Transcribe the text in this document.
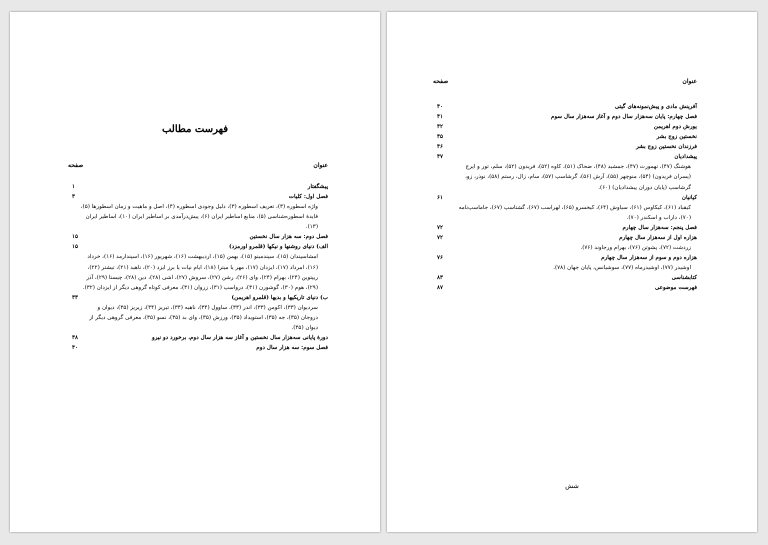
فهرست مطالب
صفحه	عنوان
پیشگفتار
۱
فصل اول: کلیات
۳
واژه اسطوره (۳)، تعریف اسطوره (۳)، دلیل وجودی اسطوره (۴)، اصل و ماهیت و زمان اسطورها (۵)، فایدهٔ اسطوره‌شناسی (۵)، منابع اساطیر ایران (۶)، پیش‌درآمدی بر اساطیر ایران (۱۰)، اساطیر ایران (۱۳).
فصل دوم: سه هزار سال نخستین
۱۵
الف) دنیای روشنها و نیکها (قلمرو اورمزد)
۱۵
امشاسپندان (۱۵)، سپندمینو (۱۵)، بهمن (۱۵)، اردیبهشت (۱۶)، شهریور (۱۶)، اسپندارمد (۱۶)، خرداد (۱۶)، امرداد (۱۷)، ایزدان (۱۷)، مهر یا میترا (۱۸)، ایام نپات یا برز ایزد (۲۰)، ناهید (۲۱)، تیشتر (۲۲)، ریپتوین (۲۴)، بهرام (۲۴)، وای (۲۶)، رشن (۲۷)، سروش (۲۷)، اشی (۲۸)، دین (۲۸)، چیستا (۲۹)، آذر (۲۹)، هوم (۳۰)، گوشورن (۳۱)، درواسپ (۳۱)، زروان (۳۱)، معرفی کوتاه گروهی دیگر از ایزدان (۳۲).
ب) دنیای تاریکیها و بدیها (قلمرو اهریمن)
۳۳
سردیوان (۳۳)، اکومن (۳۳)، اندر (۳۳)، ساوول (۳۴)، ناهیه (۳۴)، تیریز (۳۴)، زیریز (۳۵)، دیوان و دروجان (۳۵)، جه (۳۵)، استویداد (۳۵)، ورزش (۳۵)، وای بد (۳۵)، نسو (۳۵)، معرفی گروهی دیگر از دیوان (۳۵).
دورهٔ پایانی سه‌هزار سال نخستین و آغاز سه هزار سال دوم، برخورد دو نیرو
۳۸
فصل سوم: سه هزار سال دوم
۴۰
صفحه	عنوان
آفرینش مادی و پیش‌نمونه‌های گیتی
۴۰
فصل چهارم: پایان سه‌هزار سال دوم و آغاز سه‌هزار سال سوم
۴۱
یورش دوم اهریمن
۴۲
نخستین زوج بشر
۴۵
فرزندان نخستین زوج بشر
۴۶
پیشدادیان
۴۷
هوشنگ (۴۷)، تهمورث (۴۷)، جمشید (۴۸)، ضحاک (۵۱)، کاوه (۵۲)، فریدون (۵۲)، سلم، تور و ایرج (پسران فریدون) (۵۴)، منوچهر (۵۵)، آرش (۵۶)، گرشاسپ (۵۷)، سام، زال، رستم (۵۸)، نوذر، زو، گرشاسپ (پایان دوران پیشدادیان) (۶۰).
کیانیان
۶۱
کیقباد (۶۱)، کیکاوس (۶۱)، سیاوش (۶۴)، کیخسرو (۶۵)، لهراسب (۶۷)، گشتاسپ (۶۷)، جاماسپ‌نامه (۷۰)، داراب و اسکندر (۷۰).
فصل پنجم: سه‌هزار سال چهارم
۷۲
هزاره اول از سه‌هزار سال چهارم
۷۲
زردشت (۷۲)، پشوتن (۷۶)، بهرام ورجاوند (۷۶).
هزاره دوم و سوم از سه‌هزار سال چهارم
۷۶
اوشیدر (۷۷)، اوشیدرماه (۷۷)، سوشیانس، پایان جهان (۷۸).
کتابشناسی
۸۳
فهرست موضوعی
۸۷
شش
